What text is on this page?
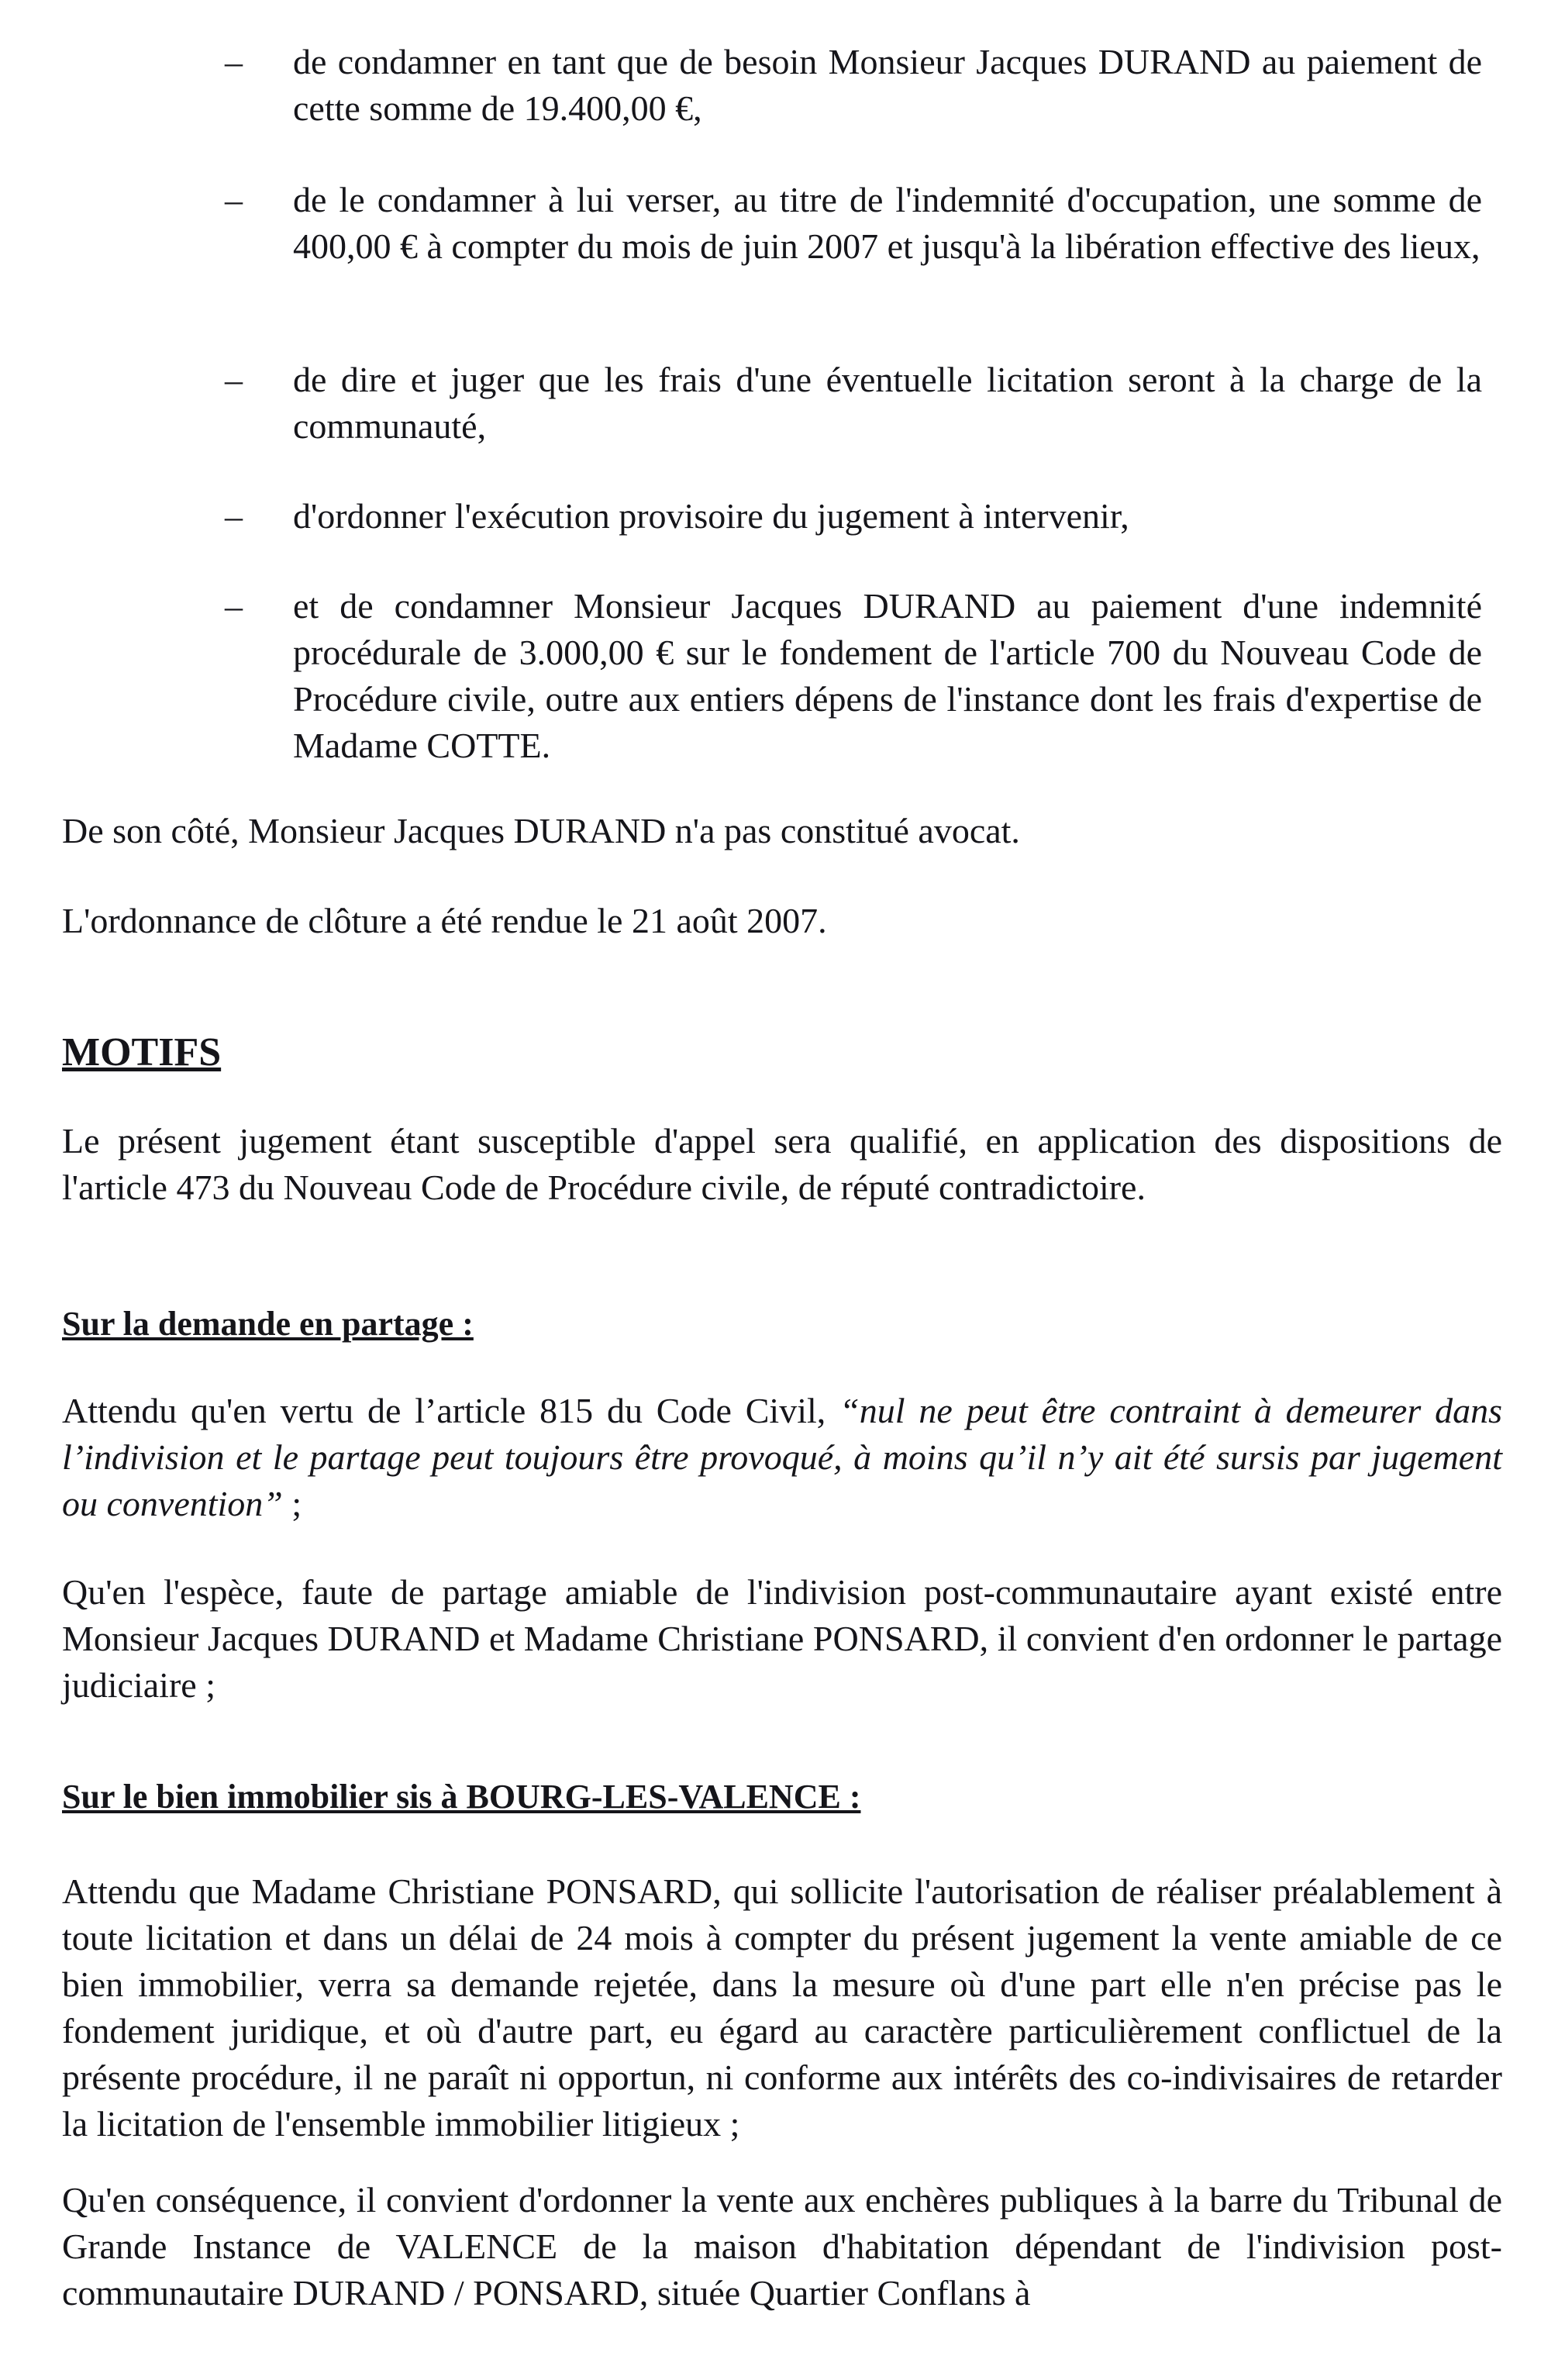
– de condamner en tant que de besoin Monsieur Jacques DURAND au paiement de cette somme de 19.400,00 €,
– de le condamner à lui verser, au titre de l'indemnité d'occupation, une somme de 400,00 € à compter du mois de juin 2007 et jusqu'à la libération effective des lieux,
– de dire et juger que les frais d'une éventuelle licitation seront à la charge de la communauté,
– d'ordonner l'exécution provisoire du jugement à intervenir,
– et de condamner Monsieur Jacques DURAND au paiement d'une indemnité procédurale de 3.000,00 € sur le fondement de l'article 700 du Nouveau Code de Procédure civile, outre aux entiers dépens de l'instance dont les frais d'expertise de Madame COTTE.
De son côté, Monsieur Jacques DURAND n'a pas constitué avocat.
L'ordonnance de clôture a été rendue le 21 août 2007.
MOTIFS
Le présent jugement étant susceptible d'appel sera qualifié, en application des dispositions de l'article 473 du Nouveau Code de Procédure civile, de réputé contradictoire.
Sur la demande en partage :
Attendu qu'en vertu de l’article 815 du Code Civil, “nul ne peut être contraint à demeurer dans l’indivision et le partage peut toujours être provoqué, à moins qu’il n’y ait été sursis par jugement ou convention” ;
Qu'en l'espèce, faute de partage amiable de l'indivision post-communautaire ayant existé entre Monsieur Jacques DURAND et Madame Christiane PONSARD, il convient d'en ordonner le partage judiciaire ;
Sur le bien immobilier sis à BOURG-LES-VALENCE :
Attendu que Madame Christiane PONSARD, qui sollicite l'autorisation de réaliser préalablement à toute licitation et dans un délai de 24 mois à compter du présent jugement la vente amiable de ce bien immobilier, verra sa demande rejetée, dans la mesure où d'une part elle n'en précise pas le fondement juridique, et où d'autre part, eu égard au caractère particulièrement conflictuel de la présente procédure, il ne paraît ni opportun, ni conforme aux intérêts des co-indivisaires de retarder la licitation de l'ensemble immobilier litigieux ;
Qu'en conséquence, il convient d'ordonner la vente aux enchères publiques à la barre du Tribunal de Grande Instance de VALENCE de la maison d'habitation dépendant de l'indivision post-communautaire DURAND / PONSARD, située Quartier Conflans à
